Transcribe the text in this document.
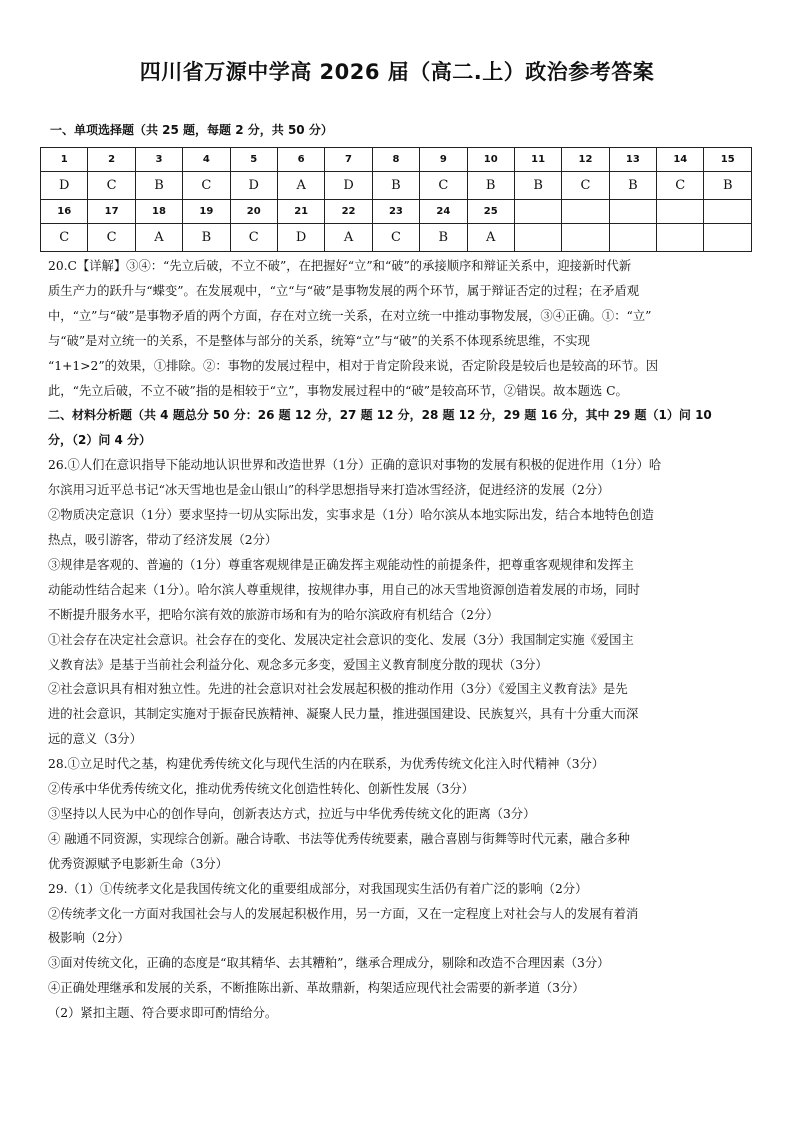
四川省万源中学高 2026 届（高二.上）政治参考答案
一、单项选择题（共 25 题，每题 2 分，共 50 分）
1	2	3	4	5	6	7	8	9	10	11	12	13	14	15
D	C	B	C	D	A	D	B	C	B	B	C	B	C	B
16	17	18	19	20	21	22	23	24	25					
C	C	A	B	C	D	A	C	B	A					

20.C【详解】③④：“先立后破，不立不破”，在把握好“立”和“破”的承接顺序和辩证关系中，迎接新时代新

质生产力的跃升与“蝶变”。在发展观中，“立“与“破”是事物发展的两个环节，属于辩证否定的过程；在矛盾观

中，“立”与“破”是事物矛盾的两个方面，存在对立统一关系，在对立统一中推动事物发展，③④正确。①：“立”

与“破”是对立统一的关系，不是整体与部分的关系，统筹“立”与“破”的关系不体现系统思维，不实现

“1+1>2”的效果，①排除。②：事物的发展过程中，相对于肯定阶段来说，否定阶段是较后也是较高的环节。因

此，“先立后破，不立不破”指的是相较于“立”，事物发展过程中的“破”是较高环节，②错误。故本题选 C。

二、材料分析题（共 4 题总分 50 分：26 题 12 分，27 题 12 分，28 题 12 分，29 题 16 分，其中 29 题（1）问 10

分，（2）问 4 分）

26.①人们在意识指导下能动地认识世界和改造世界（1分）正确的意识对事物的发展有积极的促进作用（1分）哈

尔滨用习近平总书记“冰天雪地也是金山银山”的科学思想指导来打造冰雪经济，促进经济的发展（2分）

②物质决定意识（1分）要求坚持一切从实际出发，实事求是（1分）哈尔滨从本地实际出发，结合本地特色创造

热点，吸引游客，带动了经济发展（2分）

③规律是客观的、普遍的（1分）尊重客观规律是正确发挥主观能动性的前提条件，把尊重客观规律和发挥主

动能动性结合起来（1分）。哈尔滨人尊重规律，按规律办事，用自己的冰天雪地资源创造着发展的市场，同时

不断提升服务水平，把哈尔滨有效的旅游市场和有为的哈尔滨政府有机结合（2分）

①社会存在决定社会意识。社会存在的变化、发展决定社会意识的变化、发展（3分）我国制定实施《爱国主

义教育法》是基于当前社会利益分化、观念多元多变，爱国主义教育制度分散的现状（3分）

②社会意识具有相对独立性。先进的社会意识对社会发展起积极的推动作用（3分）《爱国主义教育法》是先

进的社会意识，其制定实施对于振奋民族精神、凝聚人民力量，推进强国建设、民族复兴，具有十分重大而深

远的意义（3分）

28.①立足时代之基，构建优秀传统文化与现代生活的内在联系，为优秀传统文化注入时代精神（3分）

②传承中华优秀传统文化，推动优秀传统文化创造性转化、创新性发展（3分）

③坚持以人民为中心的创作导向，创新表达方式，拉近与中华优秀传统文化的距离（3分）

④ 融通不同资源，实现综合创新。融合诗歌、书法等优秀传统要素，融合喜剧与街舞等时代元素，融合多种

优秀资源赋予电影新生命（3分）

29.（1）①传统孝文化是我国传统文化的重要组成部分，对我国现实生活仍有着广泛的影响（2分）

②传统孝文化一方面对我国社会与人的发展起积极作用，另一方面，又在一定程度上对社会与人的发展有着消

极影响（2分）

③面对传统文化，正确的态度是“取其精华、去其糟粕”，继承合理成分，剔除和改造不合理因素（3分）

④正确处理继承和发展的关系，不断推陈出新、革故鼎新，构架适应现代社会需要的新孝道（3分）

（2）紧扣主题、符合要求即可酌情给分。
